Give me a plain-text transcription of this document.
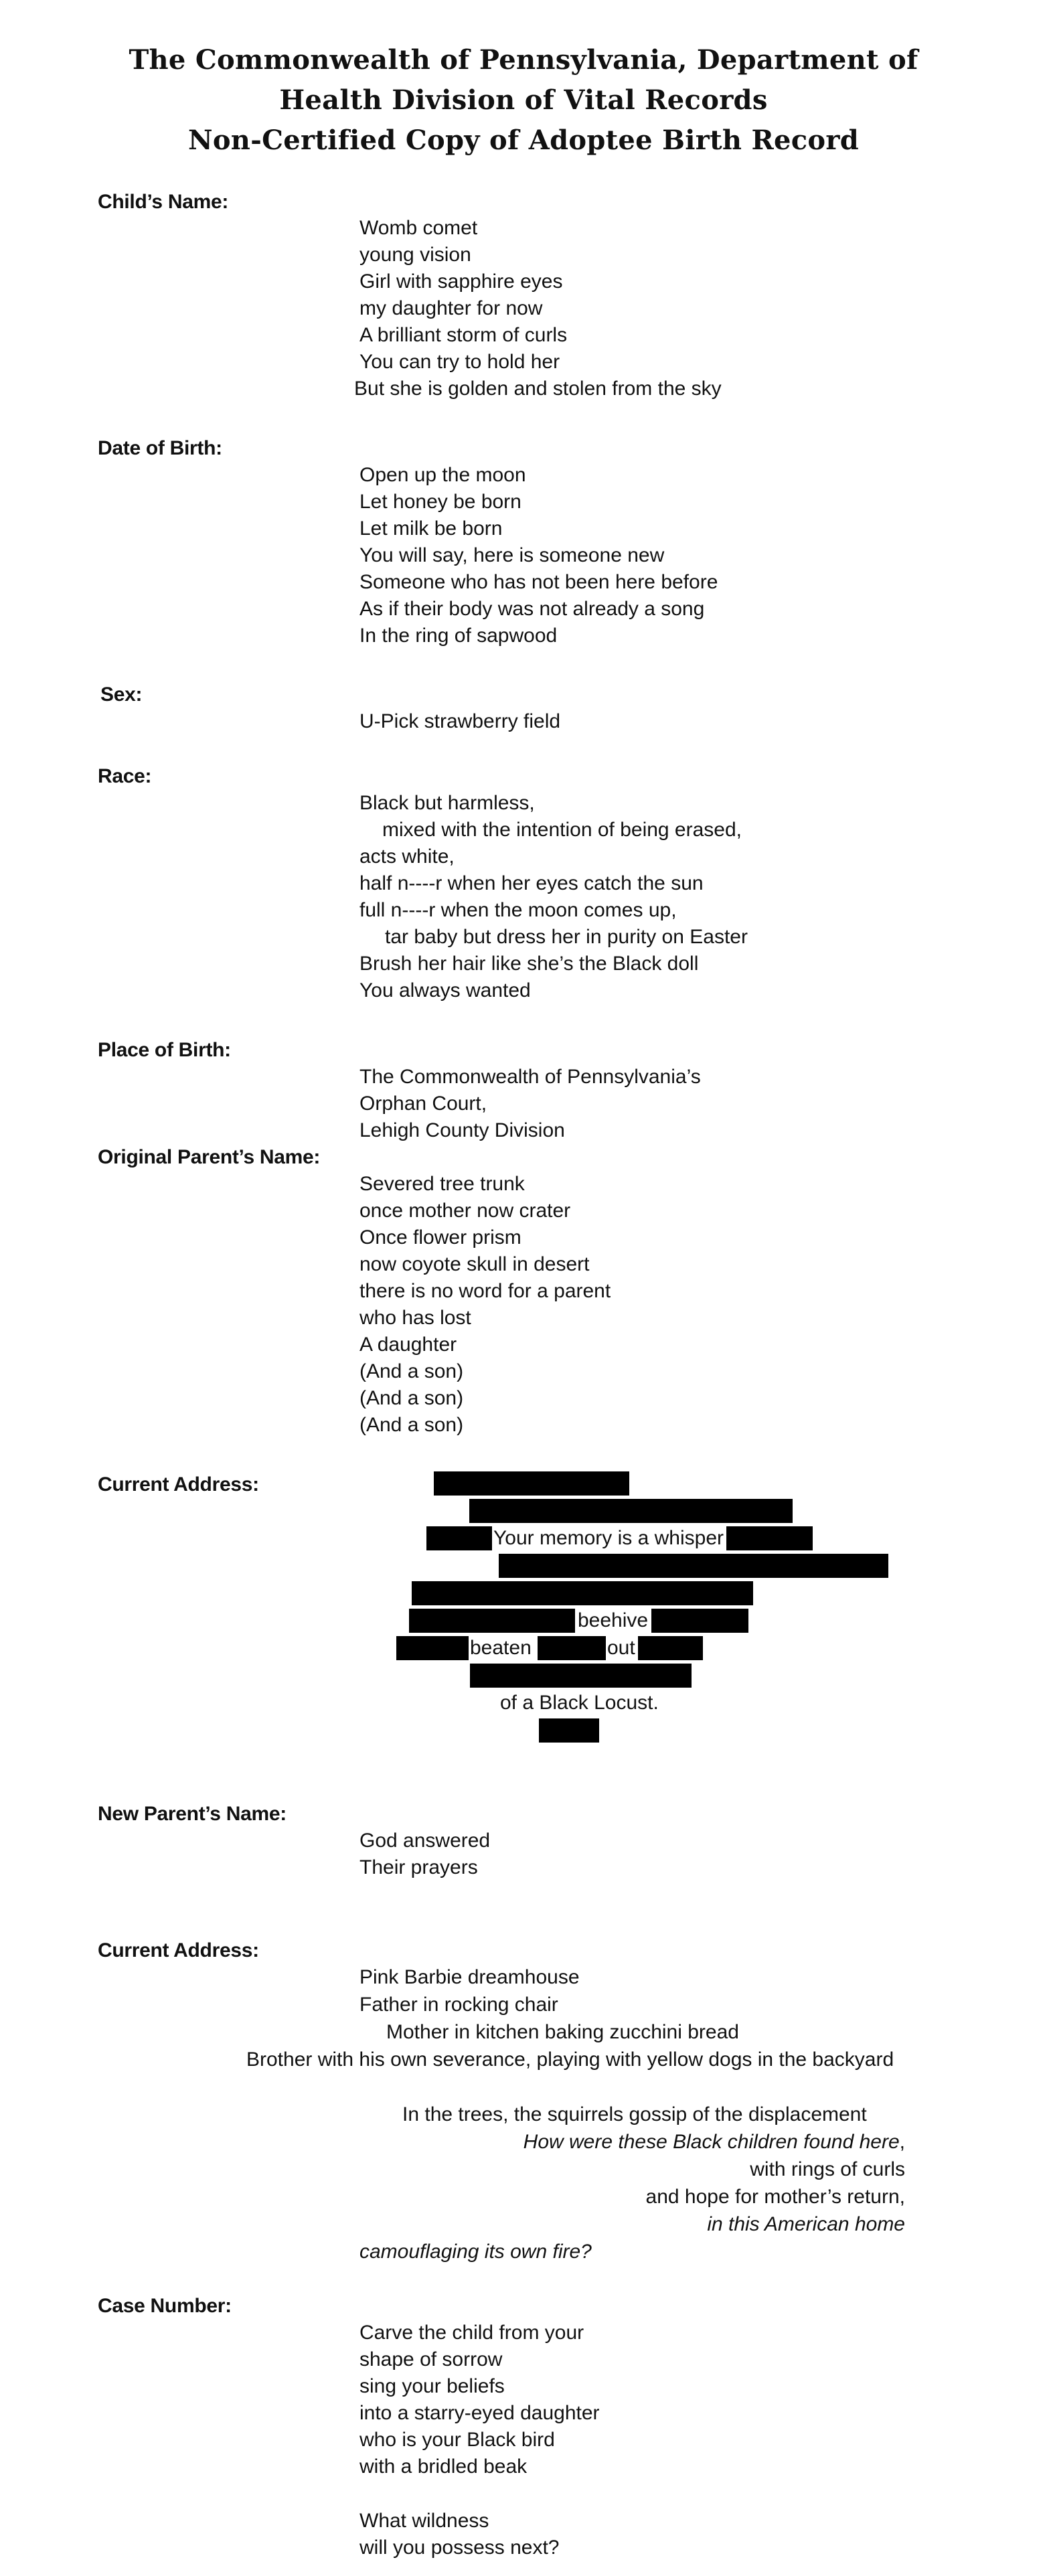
The Commonwealth of Pennsylvania, Department of
Health Division of Vital Records
Non-Certified Copy of Adoptee Birth Record
Child’s Name:
Womb comet
young vision
Girl with sapphire eyes
my daughter for now
A brilliant storm of curls
You can try to hold her
But she is golden and stolen from the sky
Date of Birth:
Open up the moon
Let honey be born
Let milk be born
You will say, here is someone new
Someone who has not been here before
As if their body was not already a song
In the ring of sapwood
Sex:
U-Pick strawberry field
Race:
Black but harmless,
mixed with the intention of being erased,
acts white,
half n----r when her eyes catch the sun
full n----r when the moon comes up,
tar baby but dress her in purity on Easter
Brush her hair like she’s the Black doll
You always wanted
Place of Birth:
The Commonwealth of Pennsylvania’s
Orphan Court,
Lehigh County Division
Original Parent’s Name:
Severed tree trunk
once mother now crater
Once flower prism
now coyote skull in desert
there is no word for a parent
who has lost
A daughter
(And a son)
(And a son)
(And a son)
Current Address:
Your memory is a whisper
beehive
beaten	out
of a Black Locust.
New Parent’s Name:
God answered
Their prayers
Current Address:
Pink Barbie dreamhouse
Father in rocking chair
Mother in kitchen baking zucchini bread
Brother with his own severance, playing with yellow dogs in the backyard
In the trees, the squirrels gossip of the displacement
How were these Black children found here,
with rings of curls
and hope for mother’s return,
in this American home
camouflaging its own fire?
Case Number:
Carve the child from your
shape of sorrow
sing your beliefs
into a starry-eyed daughter
who is your Black bird
with a bridled beak
What wildness
will you possess next?
